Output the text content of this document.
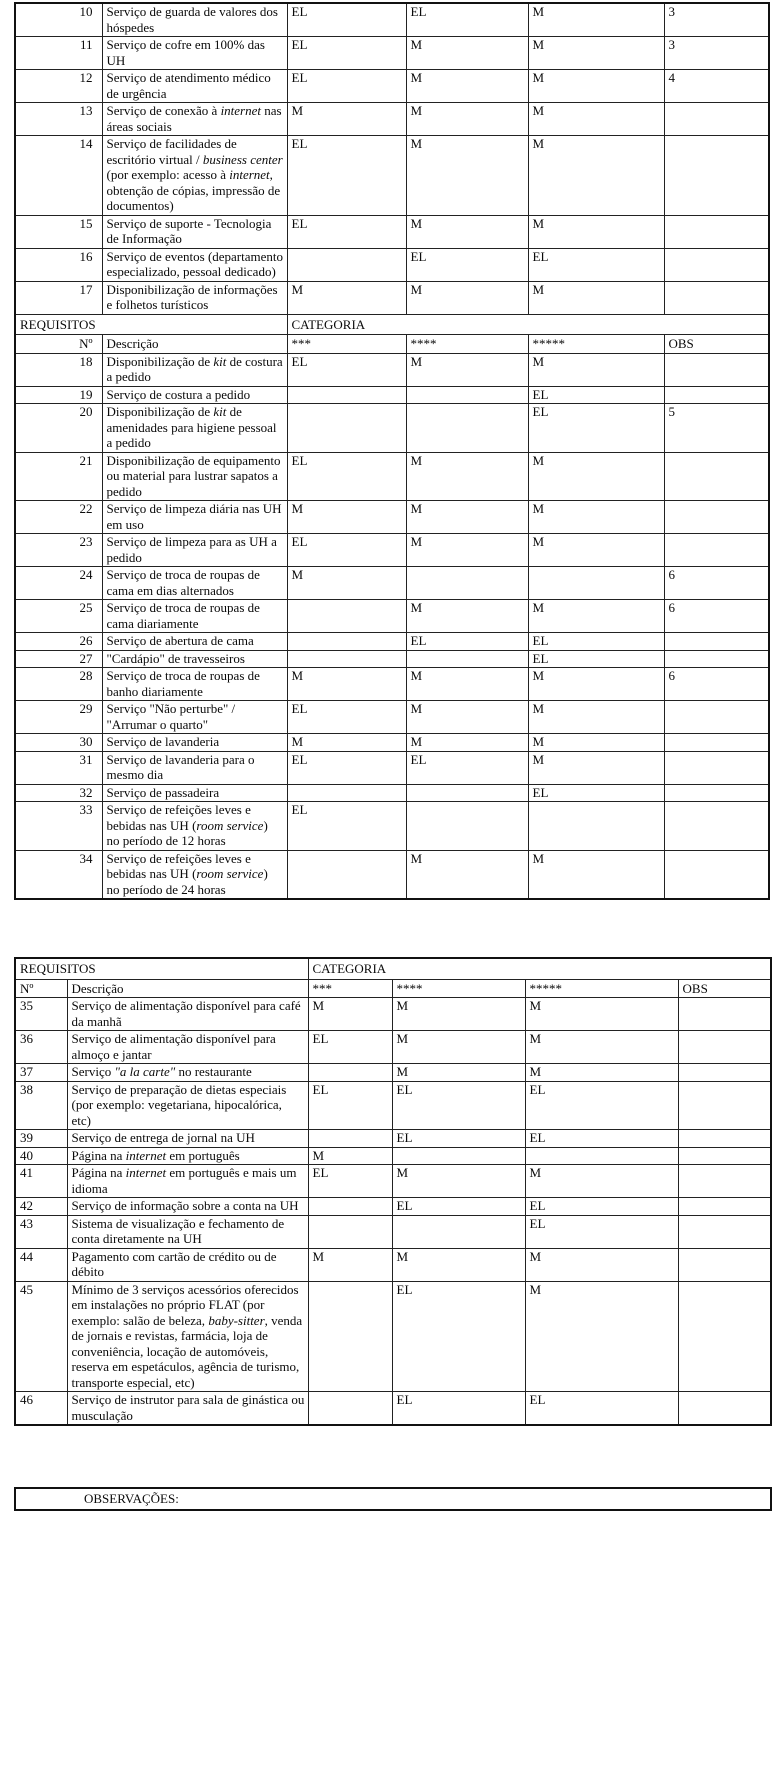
10	Serviço de guarda de valores dos hóspedes	EL	EL	M	3
11	Serviço de cofre em 100% das UH	EL	M	M	3
12	Serviço de atendimento médico de urgência	EL	M	M	4
13	Serviço de conexão à internet nas áreas sociais	M	M	M	
14	Serviço de facilidades de escritório virtual / business center (por exemplo: acesso à internet, obtenção de cópias, impressão de documentos)	EL	M	M	
15	Serviço de suporte - Tecnologia de Informação	EL	M	M	
16	Serviço de eventos (departamento especializado, pessoal dedicado)		EL	EL	
17	Disponibilização de informações e folhetos turísticos	M	M	M	
REQUISITOS		CATEGORIA			
Nº	Descrição	***	****	*****	OBS
18	Disponibilização de kit de costura a pedido	EL	M	M	
19	Serviço de costura a pedido			EL	
20	Disponibilização de kit de amenidades para higiene pessoal a pedido			EL	5
21	Disponibilização de equipamento ou material para lustrar sapatos a pedido	EL	M	M	
22	Serviço de limpeza diária nas UH em uso	M	M	M	
23	Serviço de limpeza para as UH a pedido	EL	M	M	
24	Serviço de troca de roupas de cama em dias alternados	M			6
25	Serviço de troca de roupas de cama diariamente		M	M	6
26	Serviço de abertura de cama		EL	EL	
27	"Cardápio" de travesseiros			EL	
28	Serviço de troca de roupas de banho diariamente	M	M	M	6
29	Serviço "Não perturbe" / "Arrumar o quarto"	EL	M	M	
30	Serviço de lavanderia	M	M	M	
31	Serviço de lavanderia para o mesmo dia	EL	EL	M	
32	Serviço de passadeira			EL	
33	Serviço de refeições leves e bebidas nas UH (room service) no período de 12 horas	EL			
34	Serviço de refeições leves e bebidas nas UH (room service) no período de 24 horas		M	M	
REQUISITOS		CATEGORIA			
Nº	Descrição	***	****	*****	OBS
35	Serviço de alimentação disponível para café da manhã	M	M	M	
36	Serviço de alimentação disponível para almoço e jantar	EL	M	M	
37	Serviço "a la carte" no restaurante		M	M	
38	Serviço de preparação de dietas especiais (por exemplo: vegetariana, hipocalórica, etc)	EL	EL	EL	
39	Serviço de entrega de jornal na UH		EL	EL	
40	Página na internet em português	M			
41	Página na internet em português e mais um idioma	EL	M	M	
42	Serviço de informação sobre a conta na UH		EL	EL	
43	Sistema de visualização e fechamento de conta diretamente na UH			EL	
44	Pagamento com cartão de crédito ou de débito	M	M	M	
45	Mínimo de 3 serviços acessórios oferecidos em instalações no próprio FLAT (por exemplo: salão de beleza, baby-sitter, venda de jornais e revistas, farmácia, loja de conveniência, locação de automóveis, reserva em espetáculos, agência de turismo, transporte especial, etc)		EL	M	
46	Serviço de instrutor para sala de ginástica ou musculação		EL	EL	
OBSERVAÇÕES:
